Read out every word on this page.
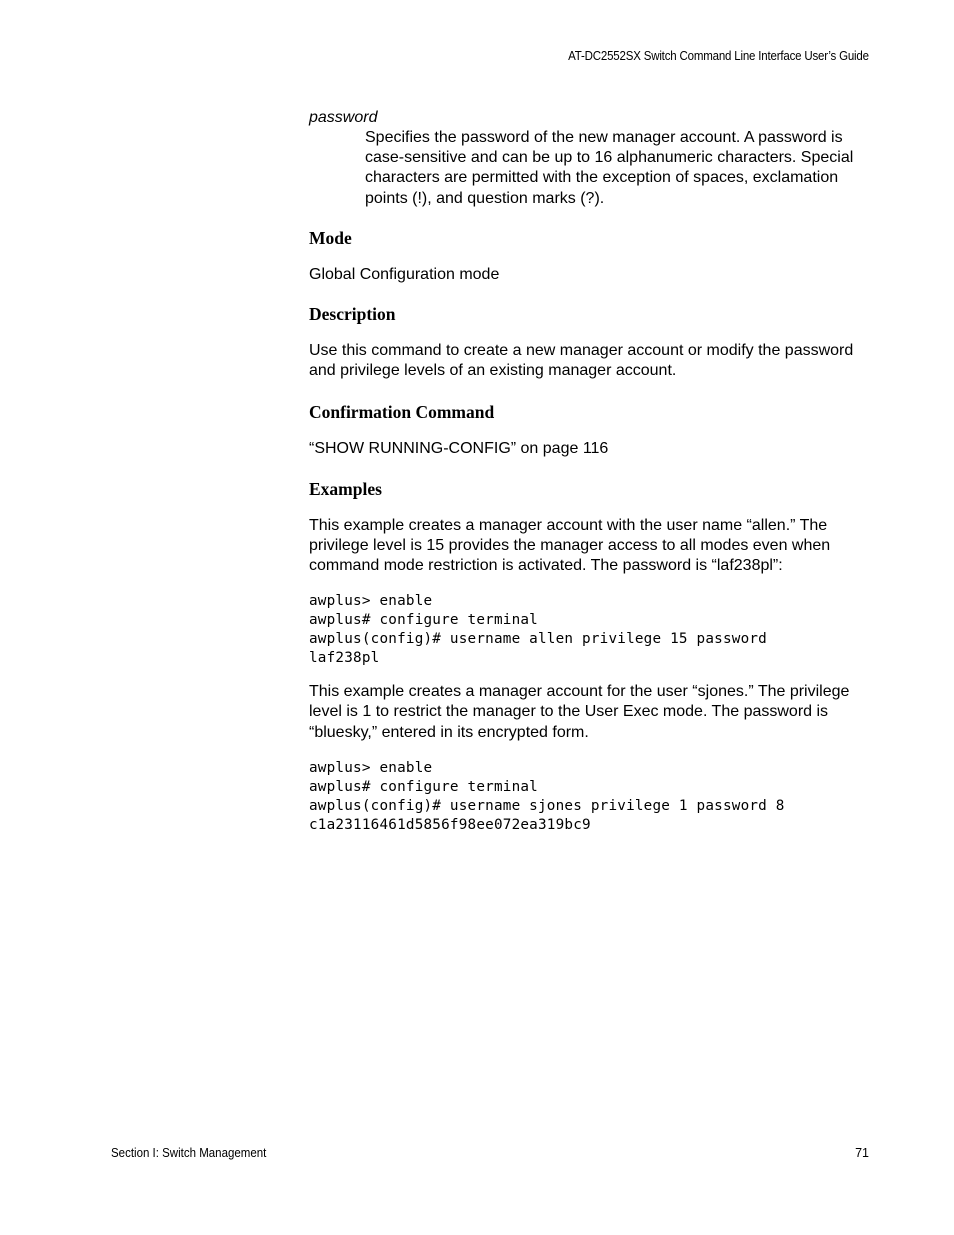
AT-DC2552SX Switch Command Line Interface User’s Guide
password
Specifies the password of the new manager account. A password is case-sensitive and can be up to 16 alphanumeric characters. Special characters are permitted with the exception of spaces, exclamation points (!), and question marks (?).
Mode

Global Configuration mode

Description

Use this command to create a new manager account or modify the password and privilege levels of an existing manager account.

Confirmation Command

“SHOW RUNNING-CONFIG” on page 116

Examples

This example creates a manager account with the user name “allen.” The privilege level is 15 provides the manager access to all modes even when command mode restriction is activated. The password is “laf238pl”:

awplus> enable
awplus# configure terminal
awplus(config)# username allen privilege 15 password
laf238pl

This example creates a manager account for the user “sjones.” The privilege level is 1 to restrict the manager to the User Exec mode. The password is “bluesky,” entered in its encrypted form.

awplus> enable
awplus# configure terminal
awplus(config)# username sjones privilege 1 password 8
c1a23116461d5856f98ee072ea319bc9
Section I: Switch Management	71
